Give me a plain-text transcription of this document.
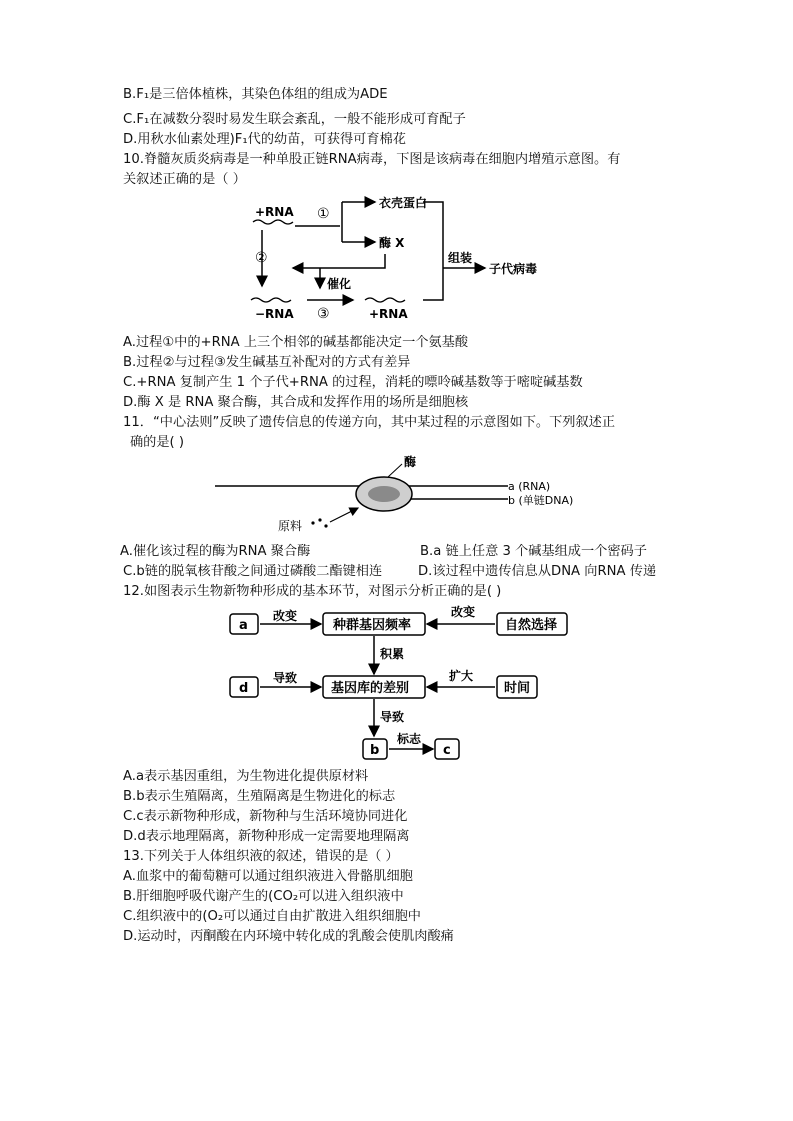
B.F₁是三倍体植株，其染色体组的组成为ADE
C.F₁在减数分裂时易发生联会紊乱，一般不能形成可育配子
D.用秋水仙素处理)F₁代的幼苗，可获得可育棉花
10.脊髓灰质炎病毒是一种单股正链RNA病毒，下图是该病毒在细胞内增殖示意图。有
关叙述正确的是（ ）
+RNA ①
衣壳蛋白
酶 X
②
催化
−RNA ③	+RNA
组装
子代病毒
A.过程①中的+RNA 上三个相邻的碱基都能决定一个氨基酸
B.过程②与过程③发生碱基互补配对的方式有差异
C.+RNA 复制产生 1 个子代+RNA 的过程，消耗的嘌呤碱基数等于嘧啶碱基数
D.酶 X 是 RNA 聚合酶，其合成和发挥作用的场所是细胞核
11．“中心法则”反映了遗传信息的传递方向，其中某过程的示意图如下。下列叙述正
确的是( )
酶
a (RNA)
b (单链DNA)
原料
A.催化该过程的酶为RNA 聚合酶	B.a 链上任意 3 个碱基组成一个密码子
C.b链的脱氧核苷酸之间通过磷酸二酯键相连	D.该过程中遗传信息从DNA 向RNA 传递
12.如图表示生物新物种形成的基本环节，对图示分析正确的是( )
a
改变
种群基因频率
改变
自然选择
积累
d
导致
基因库的差别
扩大
时间
导致
b
标志
c
A.a表示基因重组，为生物进化提供原材料
B.b表示生殖隔离，生殖隔离是生物进化的标志
C.c表示新物种形成，新物种与生活环境协同进化
D.d表示地理隔离，新物种形成一定需要地理隔离
13.下列关于人体组织液的叙述，错误的是（ ）
A.血浆中的葡萄糖可以通过组织液进入骨骼肌细胞
B.肝细胞呼吸代谢产生的(CO₂可以进入组织液中
C.组织液中的(O₂可以通过自由扩散进入组织细胞中
D.运动时，丙酮酸在内环境中转化成的乳酸会使肌肉酸痛
